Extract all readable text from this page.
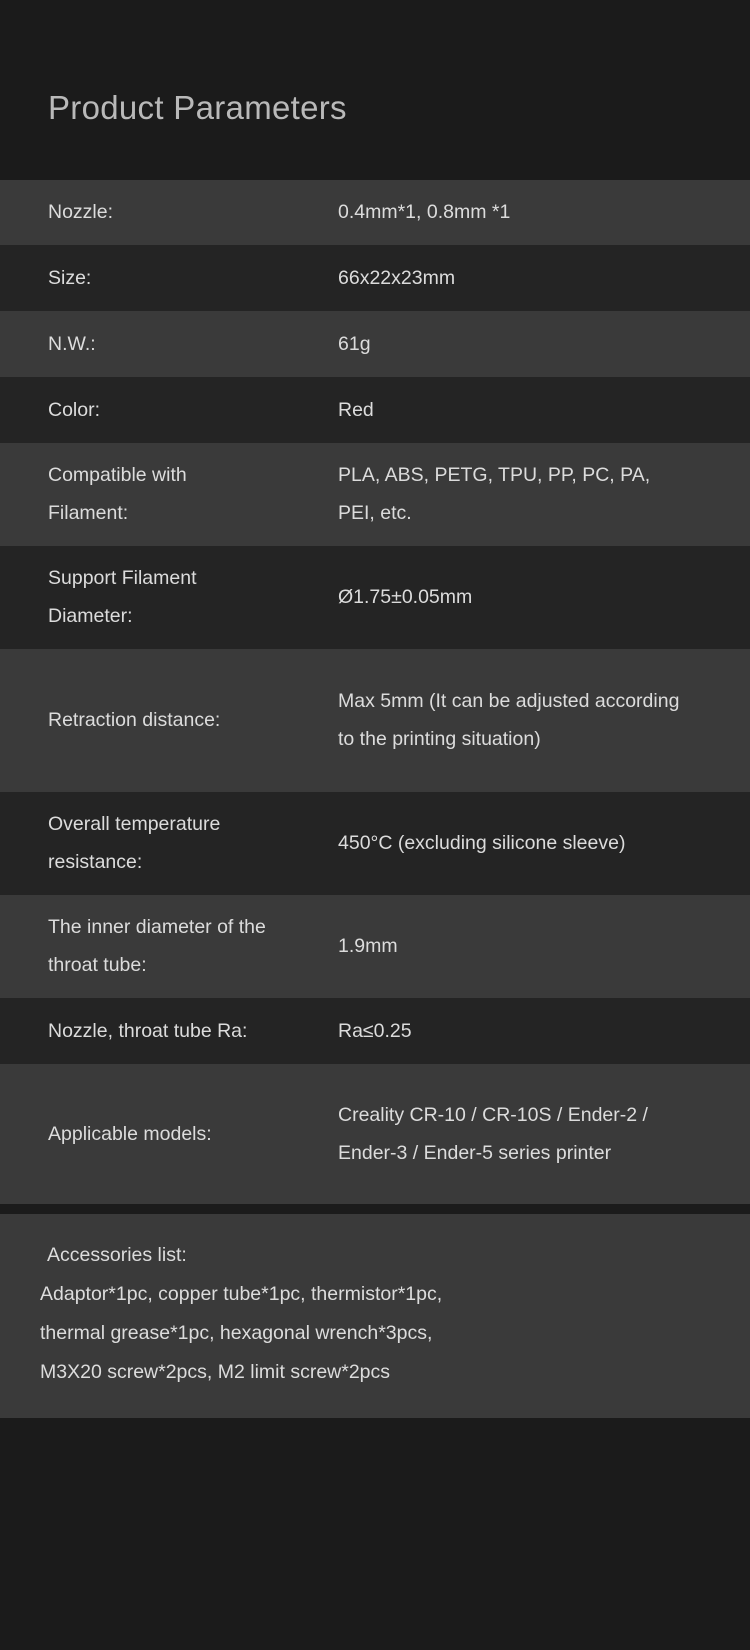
Product Parameters
Nozzle:	0.4mm*1, 0.8mm *1
Size:	66x22x23mm
N.W.:	61g
Color:	Red
Compatible with Filament:
PLA, ABS, PETG, TPU, PP, PC, PA, PEI, etc.
Support Filament Diameter:
Ø1.75±0.05mm
Retraction distance:
Max 5mm (It can be adjusted according to the printing situation)
Overall temperature resistance:
450°C (excluding silicone sleeve)
The inner diameter of the throat tube:
1.9mm
Nozzle, throat tube Ra:	Ra≤0.25
Applicable models:
Creality CR-10 / CR-10S / Ender-2 / Ender-3 / Ender-5 series printer
Accessories list:
Adaptor*1pc, copper tube*1pc, thermistor*1pc,
thermal grease*1pc, hexagonal wrench*3pcs,
M3X20 screw*2pcs, M2 limit screw*2pcs
